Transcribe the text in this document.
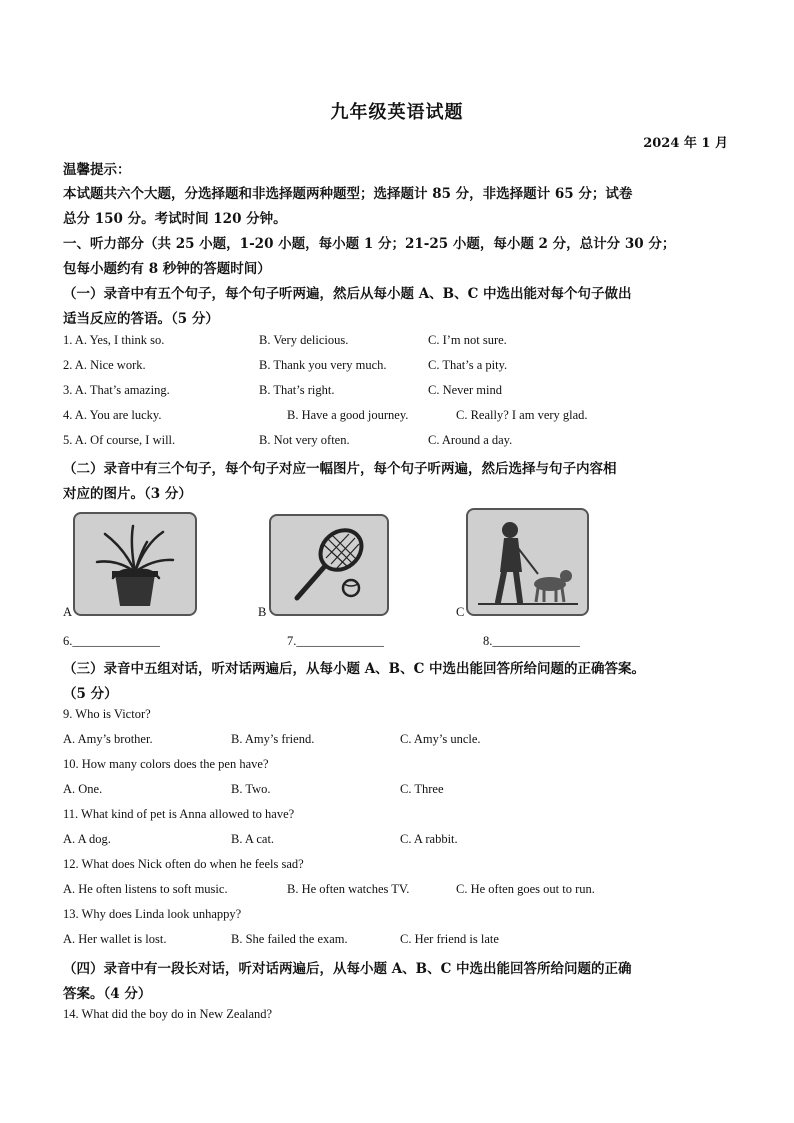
九年级英语试题
2024 年 1 月
温馨提示：
本试题共六个大题，分选择题和非选择题两种题型；选择题计 85 分，非选择题计 65 分；试卷
总分 150 分。考试时间 120 分钟。
一、听力部分（共 25 小题，1-20 小题，每小题 1 分；21-25 小题，每小题 2 分，总计分 30 分；
包每小题约有 8 秒钟的答题时间）
（一）录音中有五个句子，每个句子听两遍，然后从每小题 A、B、C 中选出能对每个句子做出
适当反应的答语。（5 分）
1. A. Yes, I think so.	B. Very delicious.	C. I’m not sure.
2. A. Nice work.	B. Thank you very much.	C. That’s a pity.
3. A. That’s amazing.	B. That’s right.	C. Never mind
4. A. You are lucky.	B. Have a good journey.	C. Really? I am very glad.
5. A. Of course, I will.	B. Not very often.	C. Around a day.
（二）录音中有三个句子，每个句子对应一幅图片，每个句子听两遍，然后选择与句子内容相
对应的图片。（3 分）
A	B	C
6.______________	7.______________	8.______________
（三）录音中五组对话，听对话两遍后，从每小题 A、B、C 中选出能回答所给问题的正确答案。
（5 分）
9. Who is Victor?
A. Amy’s brother.	B. Amy’s friend.	C. Amy’s uncle.
10. How many colors does the pen have?
A. One.	B. Two.	C. Three
11. What kind of pet is Anna allowed to have?
A. A dog.	B. A cat.	C. A rabbit.
12. What does Nick often do when he feels sad?
A. He often listens to soft music.	B. He often watches TV.	C. He often goes out to run.
13. Why does Linda look unhappy?
A. Her wallet is lost.	B. She failed the exam.	C. Her friend is late
（四）录音中有一段长对话，听对话两遍后，从每小题 A、B、C 中选出能回答所给问题的正确
答案。（4 分）
14. What did the boy do in New Zealand?
